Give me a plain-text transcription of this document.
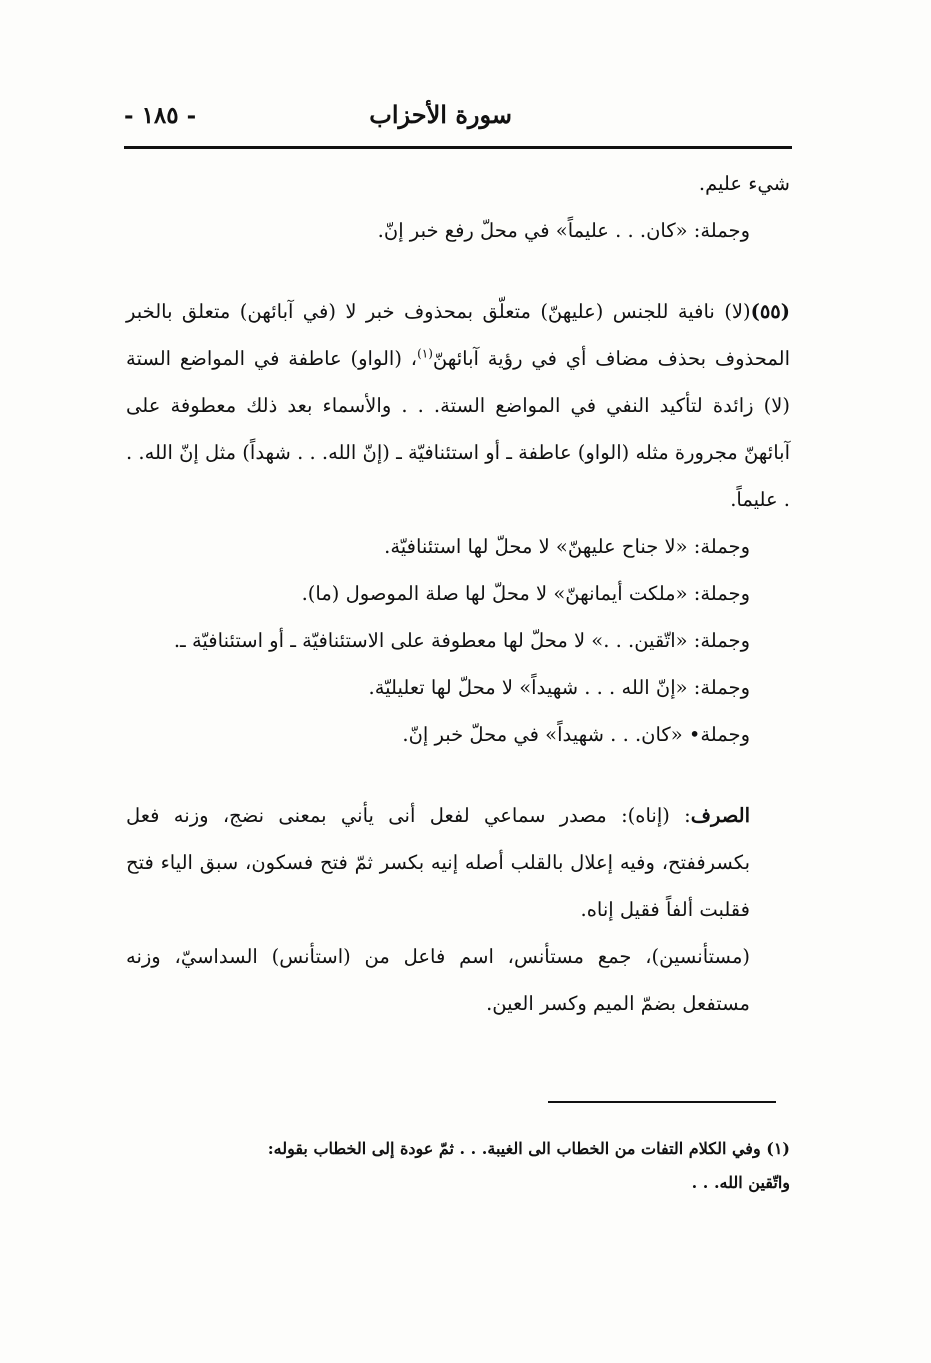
سورة الأحزاب
- ١٨٥ -

شيء عليم.

وجملة: «كان. . . عليماً» في محلّ رفع خبر إنّ.

(٥٥)(لا) نافية للجنس (عليهنّ) متعلّق بمحذوف خبر لا (في آبائهن) متعلق بالخبر المحذوف بحذف مضاف أي في رؤية آبائهنّ$^{(١)}$، (الواو) عاطفة في المواضع الستة (لا) زائدة لتأكيد النفي في المواضع الستة. . . والأسماء بعد ذلك معطوفة على آبائهنّ مجرورة مثله (الواو) عاطفة ـ أو استئنافيّة ـ (إنّ الله. . . شهداً) مثل إنّ الله. . . عليماً.

وجملة: «لا جناح عليهنّ» لا محلّ لها استئنافيّة.

وجملة: «ملكت أيمانهنّ» لا محلّ لها صلة الموصول (ما).

وجملة: «اتّقين. . .» لا محلّ لها معطوفة على الاستئنافيّة ـ أو استئنافيّة ـ.

وجملة: «إنّ الله . . . شهيداً» لا محلّ لها تعليليّة.

وجملة• «كان. . . شهيداً» في محلّ خبر إنّ.

الصرف: (إناه): مصدر سماعي لفعل أنى يأني بمعنى نضج، وزنه فعل بكسرففتح، وفيه إعلال بالقلب أصله إنيه بكسر ثمّ فتح فسكون، سبق الياء فتح فقلبت ألفاً فقيل إناه.

(مستأنسين)، جمع مستأنس، اسم فاعل من (استأنس) السداسيّ، وزنه مستفعل بضمّ الميم وكسر العين.

(١) وفي الكلام التفات من الخطاب الى الغيبة. . . ثمّ عودة إلى الخطاب بقوله:

واتّقين الله. . .
